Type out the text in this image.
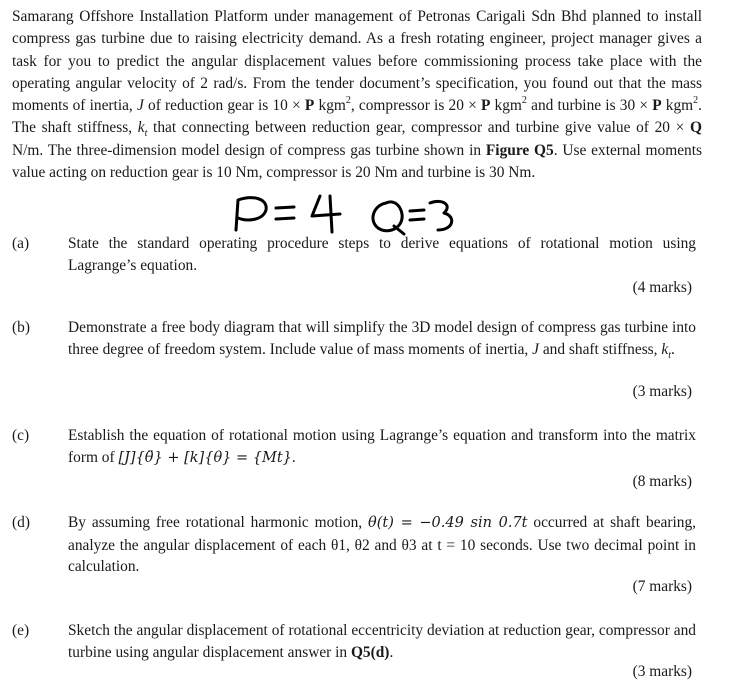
Samarang Offshore Installation Platform under management of Petronas Carigali Sdn Bhd planned to install compress gas turbine due to raising electricity demand. As a fresh rotating engineer, project manager gives a task for you to predict the angular displacement values before commissioning process take place with the operating angular velocity of 2 rad/s. From the tender document’s specification, you found out that the mass moments of inertia, J of reduction gear is 10 × P kgm$^2$, compressor is 20 × P kgm$^2$ and turbine is 30 × P kgm$^2$. The shaft stiffness, $k_t$ that connecting between reduction gear, compressor and turbine give value of 20 × Q N/m. The three-dimension model design of compress gas turbine shown in Figure Q5. Use external moments value acting on reduction gear is 10 Nm, compressor is 20 Nm and turbine is 30 Nm.
(a)	State the standard operating procedure steps to derive equations of rotational motion using Lagrange’s equation.
(4 marks)
(b)	Demonstrate a free body diagram that will simplify the 3D model design of compress gas turbine into three degree of freedom system. Include value of mass moments of inertia, J and shaft stiffness, $k_t$.
(3 marks)
(c)	Establish the equation of rotational motion using Lagrange’s equation and transform into the matrix form of [J]{θ̈} + [k]{θ} = {Mt}.
(8 marks)
(d)	By assuming free rotational harmonic motion, θ(t) = −0.49 sin 0.7t occurred at shaft bearing, analyze the angular displacement of each θ1, θ2 and θ3 at t = 10 seconds. Use two decimal point in calculation.
(7 marks)
(e)	Sketch the angular displacement of rotational eccentricity deviation at reduction gear, compressor and turbine using angular displacement answer in Q5(d).
(3 marks)
